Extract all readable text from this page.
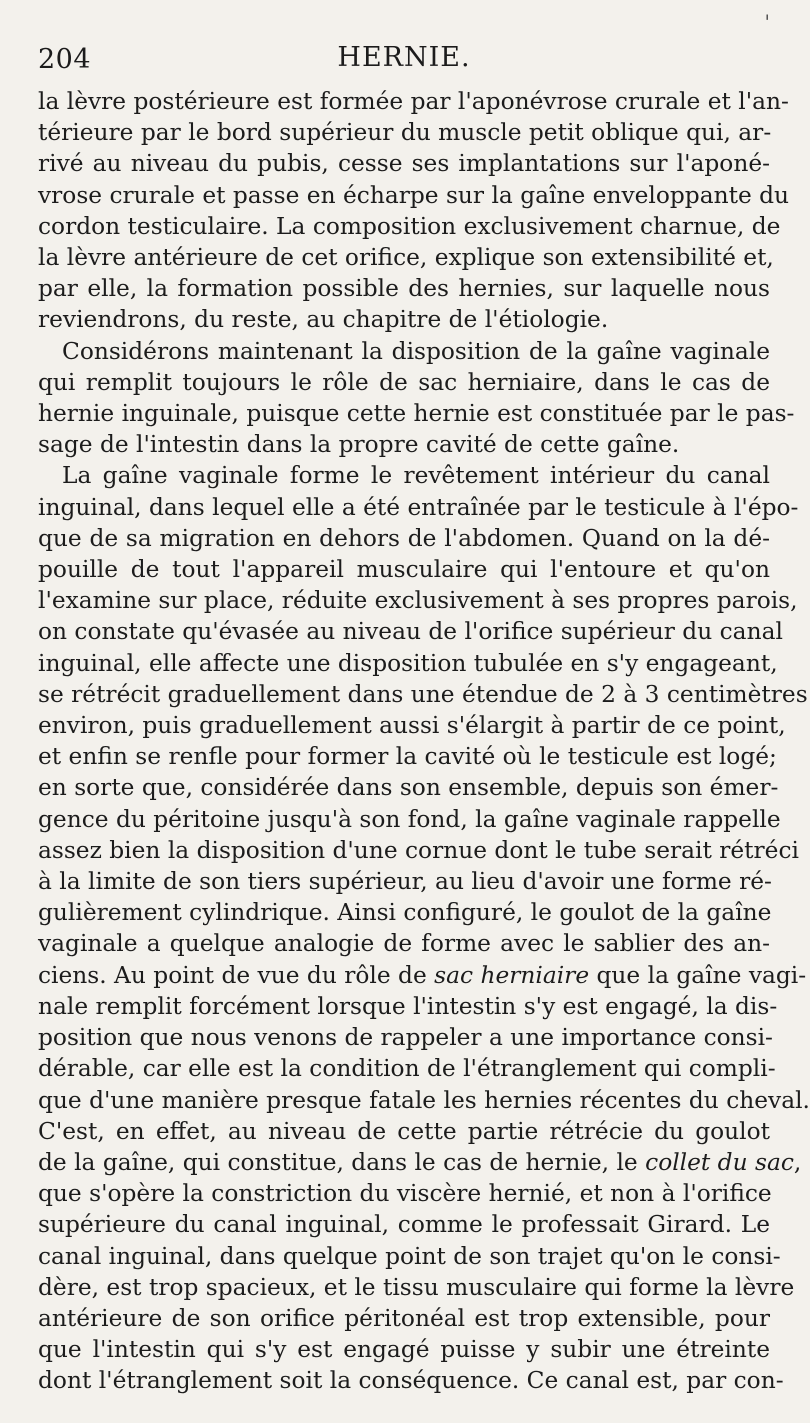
204	HERNIE.
'
la lèvre postérieure est formée par l'aponévrose crurale et l'an-
térieure par le bord supérieur du muscle petit oblique qui, ar-
rivé au niveau du pubis, cesse ses implantations sur l'aponé-
vrose crurale et passe en écharpe sur la gaîne enveloppante du
cordon testiculaire. La composition exclusivement charnue, de
la lèvre antérieure de cet orifice, explique son extensibilité et,
par elle, la formation possible des hernies, sur laquelle nous
reviendrons, du reste, au chapitre de l'étiologie.
Considérons maintenant la disposition de la gaîne vaginale
qui remplit toujours le rôle de sac herniaire, dans le cas de
hernie inguinale, puisque cette hernie est constituée par le pas-
sage de l'intestin dans la propre cavité de cette gaîne.
La gaîne vaginale forme le revêtement intérieur du canal
inguinal, dans lequel elle a été entraînée par le testicule à l'épo-
que de sa migration en dehors de l'abdomen. Quand on la dé-
pouille de tout l'appareil musculaire qui l'entoure et qu'on
l'examine sur place, réduite exclusivement à ses propres parois,
on constate qu'évasée au niveau de l'orifice supérieur du canal
inguinal, elle affecte une disposition tubulée en s'y engageant,
se rétrécit graduellement dans une étendue de 2 à 3 centimètres
environ, puis graduellement aussi s'élargit à partir de ce point,
et enfin se renfle pour former la cavité où le testicule est logé;
en sorte que, considérée dans son ensemble, depuis son émer-
gence du péritoine jusqu'à son fond, la gaîne vaginale rappelle
assez bien la disposition d'une cornue dont le tube serait rétréci
à la limite de son tiers supérieur, au lieu d'avoir une forme ré-
gulièrement cylindrique. Ainsi configuré, le goulot de la gaîne
vaginale a quelque analogie de forme avec le sablier des an-
ciens. Au point de vue du rôle de sac herniaire que la gaîne vagi-
nale remplit forcément lorsque l'intestin s'y est engagé, la dis-
position que nous venons de rappeler a une importance consi-
dérable, car elle est la condition de l'étranglement qui compli-
que d'une manière presque fatale les hernies récentes du cheval.
C'est, en effet, au niveau de cette partie rétrécie du goulot
de la gaîne, qui constitue, dans le cas de hernie, le collet du sac,
que s'opère la constriction du viscère hernié, et non à l'orifice
supérieure du canal inguinal, comme le professait Girard. Le
canal inguinal, dans quelque point de son trajet qu'on le consi-
dère, est trop spacieux, et le tissu musculaire qui forme la lèvre
antérieure de son orifice péritonéal est trop extensible, pour
que l'intestin qui s'y est engagé puisse y subir une étreinte
dont l'étranglement soit la conséquence. Ce canal est, par con-
